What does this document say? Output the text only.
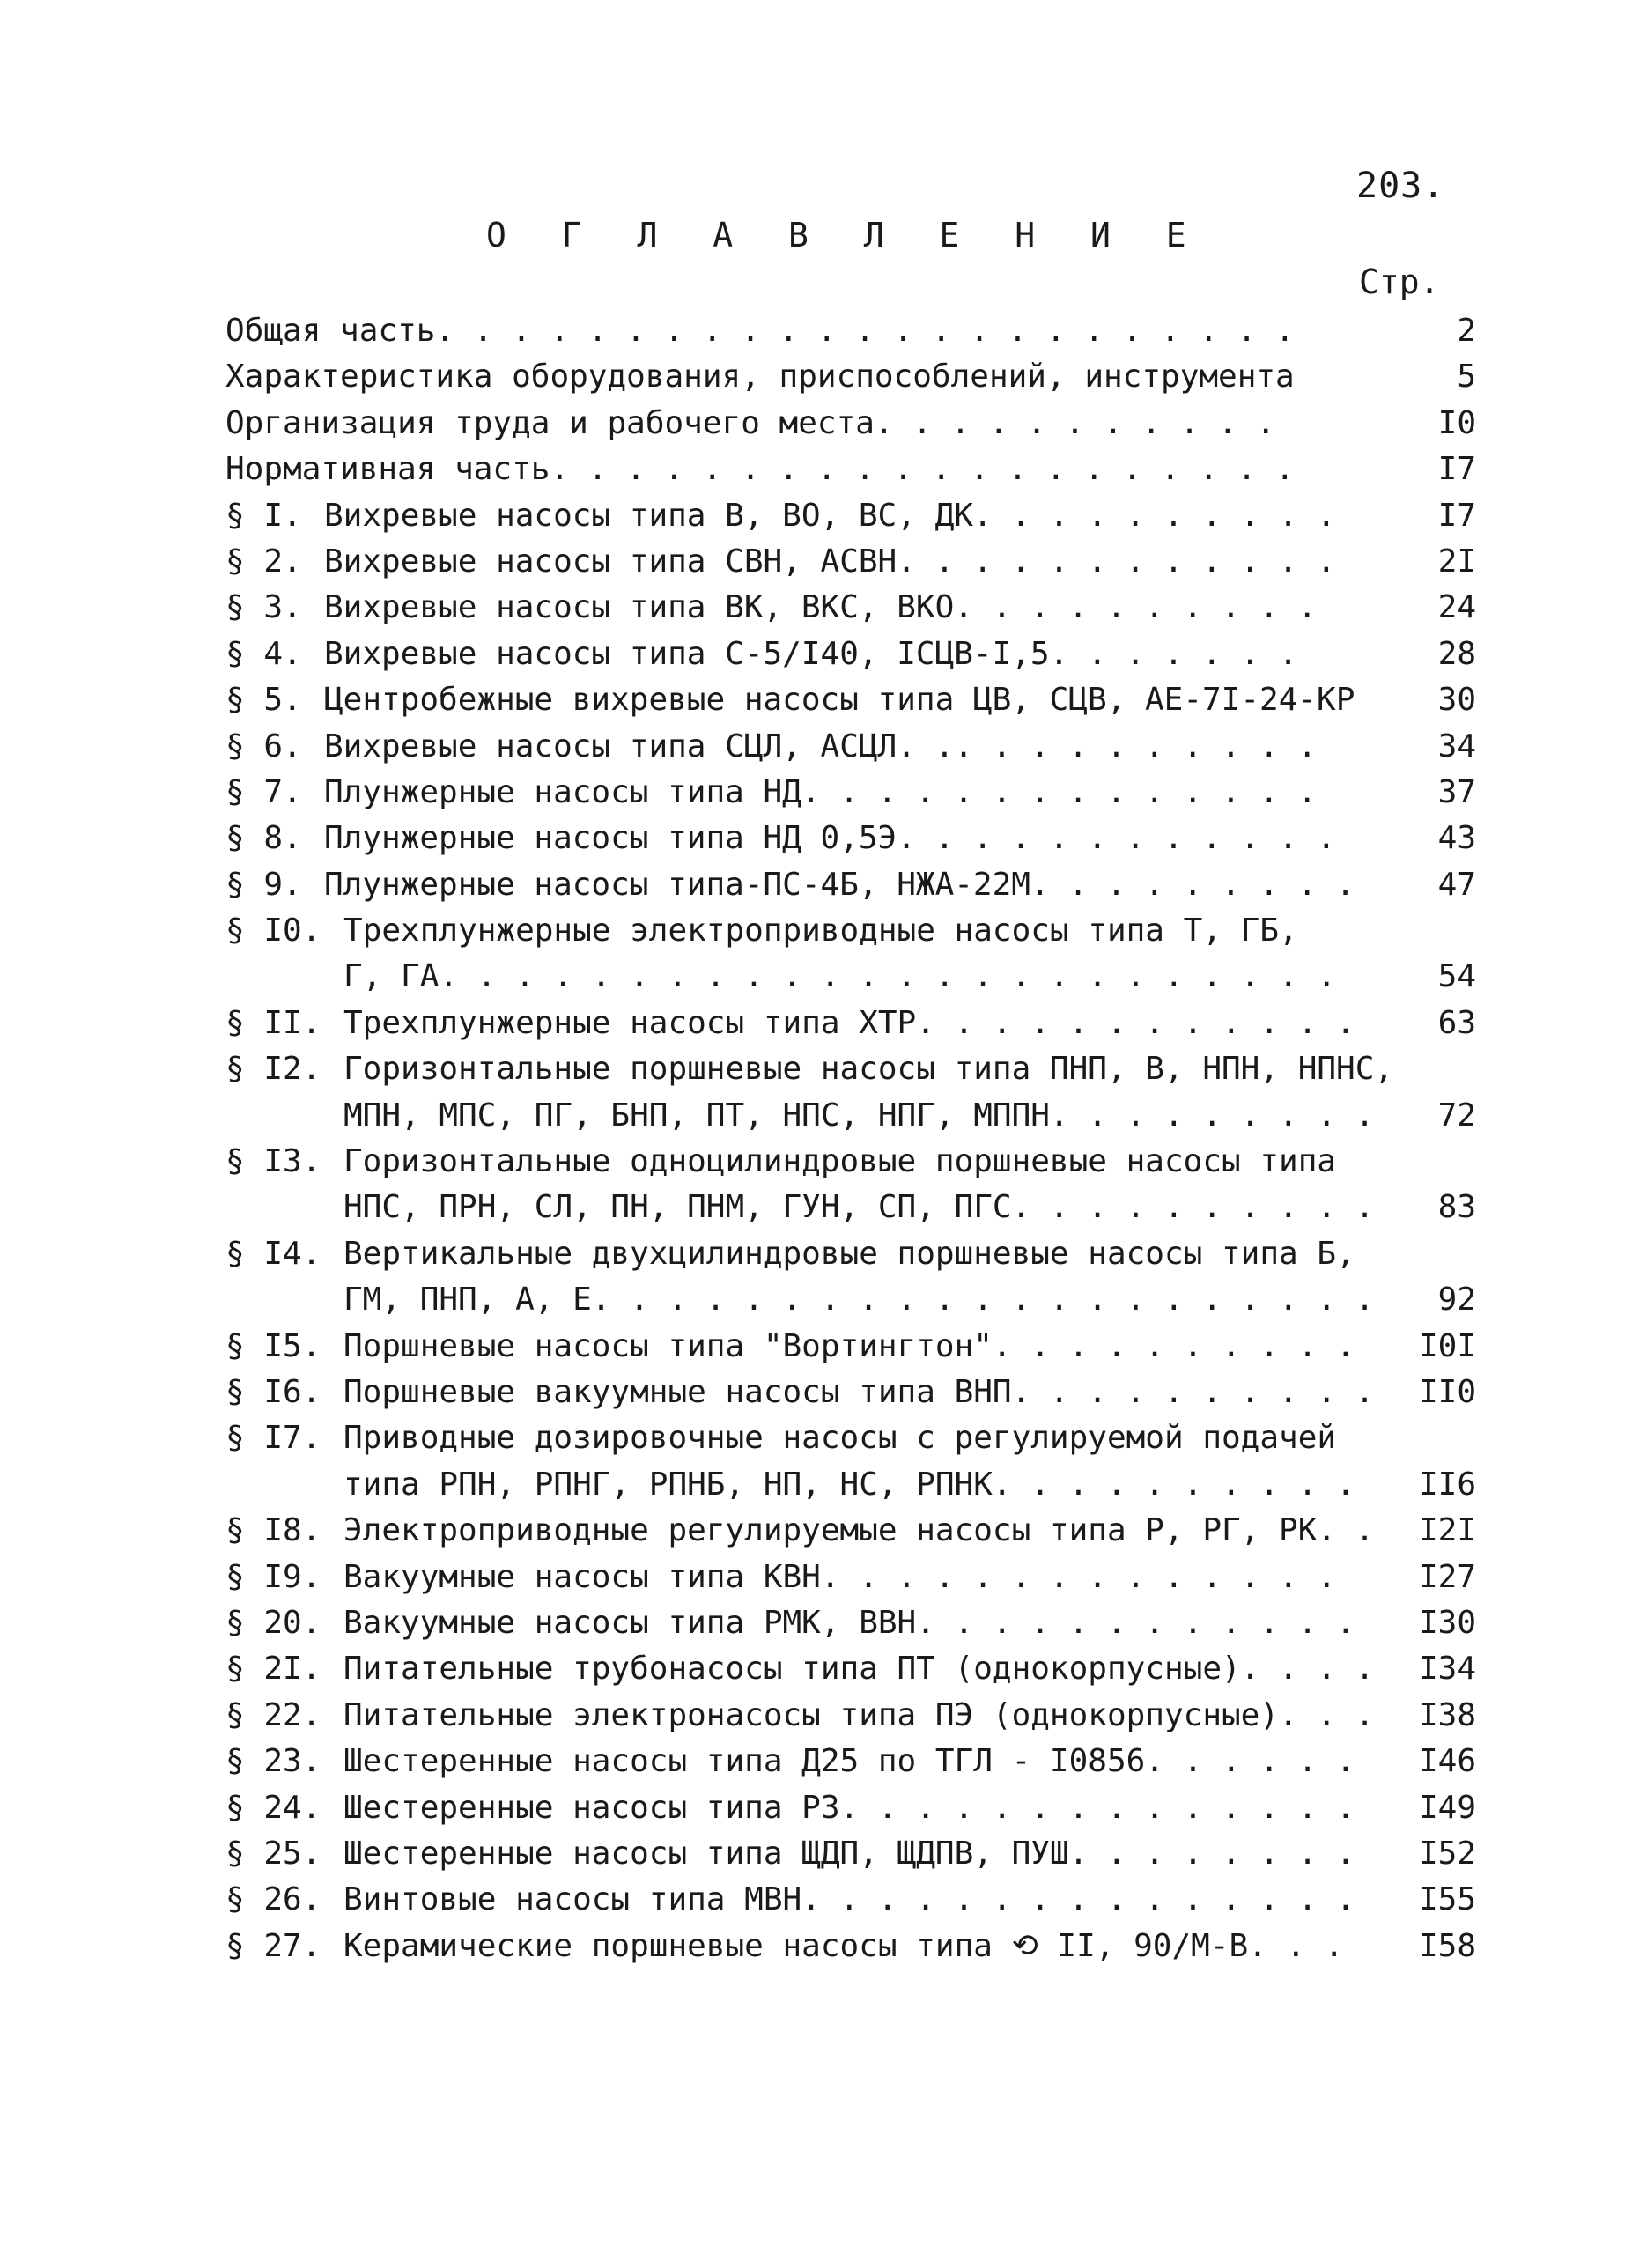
203.
О Г Л А В Л Е Н И Е
Стр.
Общая часть. . . . . . . . . . . . . . . . . . . . . . .	2
Характеристика оборудования, приспособлений, инструмента	5
Организация труда и рабочего места. . . . . . . . . . .	I0
Нормативная часть. . . . . . . . . . . . . . . . . . . .	I7
§ I. Вихревые насосы типа В, ВО, ВС, ДК. . . . . . . . . .	I7
§ 2. Вихревые насосы типа СВН, АСВН. . . . . . . . . . . .	2I
§ 3. Вихревые насосы типа ВК, ВКС, ВКО. . . . . . . . . .	24
§ 4. Вихревые насосы типа С-5/I40, IСЦВ-I,5. . . . . . .	28
§ 5. Центробежные вихревые насосы типа ЦВ, СЦВ, АЕ-7I-24-КР	30
§ 6. Вихревые насосы типа СЦЛ, АСЦЛ. .. . . . . . . . . .	34
§ 7. Плунжерные насосы типа НД. . . . . . . . . . . . . .	37
§ 8. Плунжерные насосы типа НД 0,5Э. . . . . . . . . . . .	43
§ 9. Плунжерные насосы типа-ПС-4Б, НЖА-22М. . . . . . . . .	47
§ I0. Трехплунжерные электроприводные насосы типа Т, ГБ,
Г, ГА. . . . . . . . . . . . . . . . . . . . . . . .	54
§ II. Трехплунжерные насосы типа ХТР. . . . . . . . . . . .	63
§ I2. Горизонтальные поршневые насосы типа ПНП, В, НПН, НПНС,
МПН, МПС, ПГ, БНП, ПТ, НПС, НПГ, МППН. . . . . . . . . 72
§ I3. Горизонтальные одноцилиндровые поршневые насосы типа
НПС, ПРН, СЛ, ПН, ПНМ, ГУН, СП, ПГС. . . . . . . . . . 83
§ I4. Вертикальные двухцилиндровые поршневые насосы типа Б,
ГМ, ПНП, А, Е. . . . . . . . . . . . . . . . . . . . . 92
§ I5. Поршневые насосы типа "Вортингтон". . . . . . . . . . I0I
§ I6. Поршневые вакуумные насосы типа ВНП. . . . . . . . . . II0
§ I7. Приводные дозировочные насосы с регулируемой подачей
типа РПН, РПНГ, РПНБ, НП, НС, РПНК. . . . . . . . . . II6
§ I8. Электроприводные регулируемые насосы типа Р, РГ, РК. . I2I
§ I9. Вакуумные насосы типа КВН. . . . . . . . . . . . . .	I27
§ 20. Вакуумные насосы типа РМК, ВВН. . . . . . . . . . . . I30
§ 2I. Питательные трубонасосы типа ПТ (однокорпусные). . . . I34
§ 22. Питательные электронасосы типа ПЭ (однокорпусные). . . I38
§ 23. Шестеренные насосы типа Д25 по ТГЛ - I0856. . . . . . I46
§ 24. Шестеренные насосы типа РЗ. . . . . . . . . . . . . . I49
§ 25. Шестеренные насосы типа ЩДП, ЩДПВ, ПУШ. . . . . . . . I52
§ 26. Винтовые насосы типа МВН. . . . . . . . . . . . . . . I55
§ 27. Керамические поршневые насосы типа ⟲ II, 90/М-В. . . I58
